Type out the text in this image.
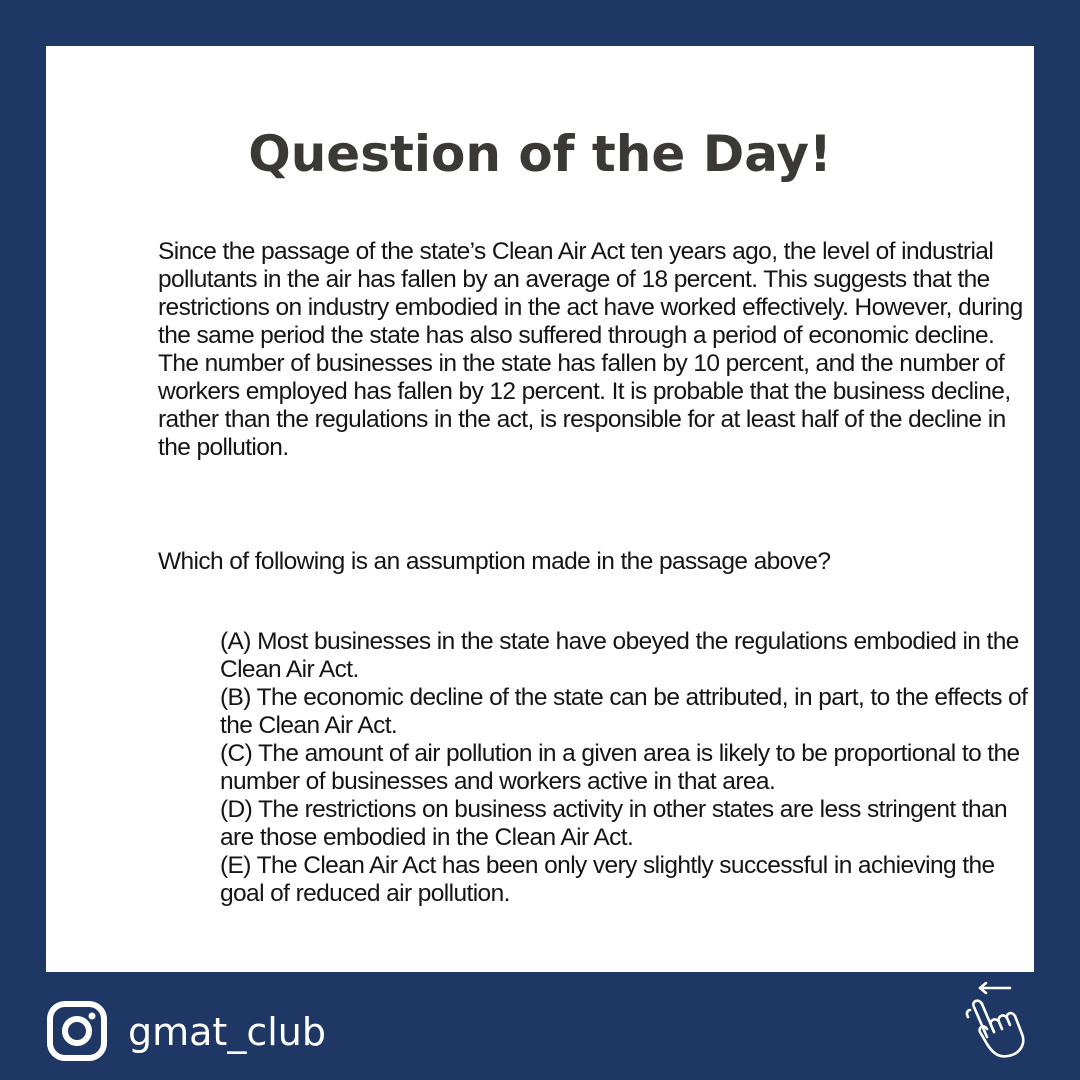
Question of the Day!

Since the passage of the state’s Clean Air Act ten years ago, the level of industrial pollutants in the air has fallen by an average of 18 percent. This suggests that the restrictions on industry embodied in the act have worked effectively. However, during the same period the state has also suffered through a period of economic decline. The number of businesses in the state has fallen by 10 percent, and the number of workers employed has fallen by 12 percent. It is probable that the business decline, rather than the regulations in the act, is responsible for at least half of the decline in the pollution.

Which of following is an assumption made in the passage above?

(A) Most businesses in the state have obeyed the regulations embodied in the Clean Air Act.
(B) The economic decline of the state can be attributed, in part, to the effects of the Clean Air Act.
(C) The amount of air pollution in a given area is likely to be proportional to the number of businesses and workers active in that area.
(D) The restrictions on business activity in other states are less stringent than are those embodied in the Clean Air Act.
(E) The Clean Air Act has been only very slightly successful in achieving the goal of reduced air pollution.
gmat_club
